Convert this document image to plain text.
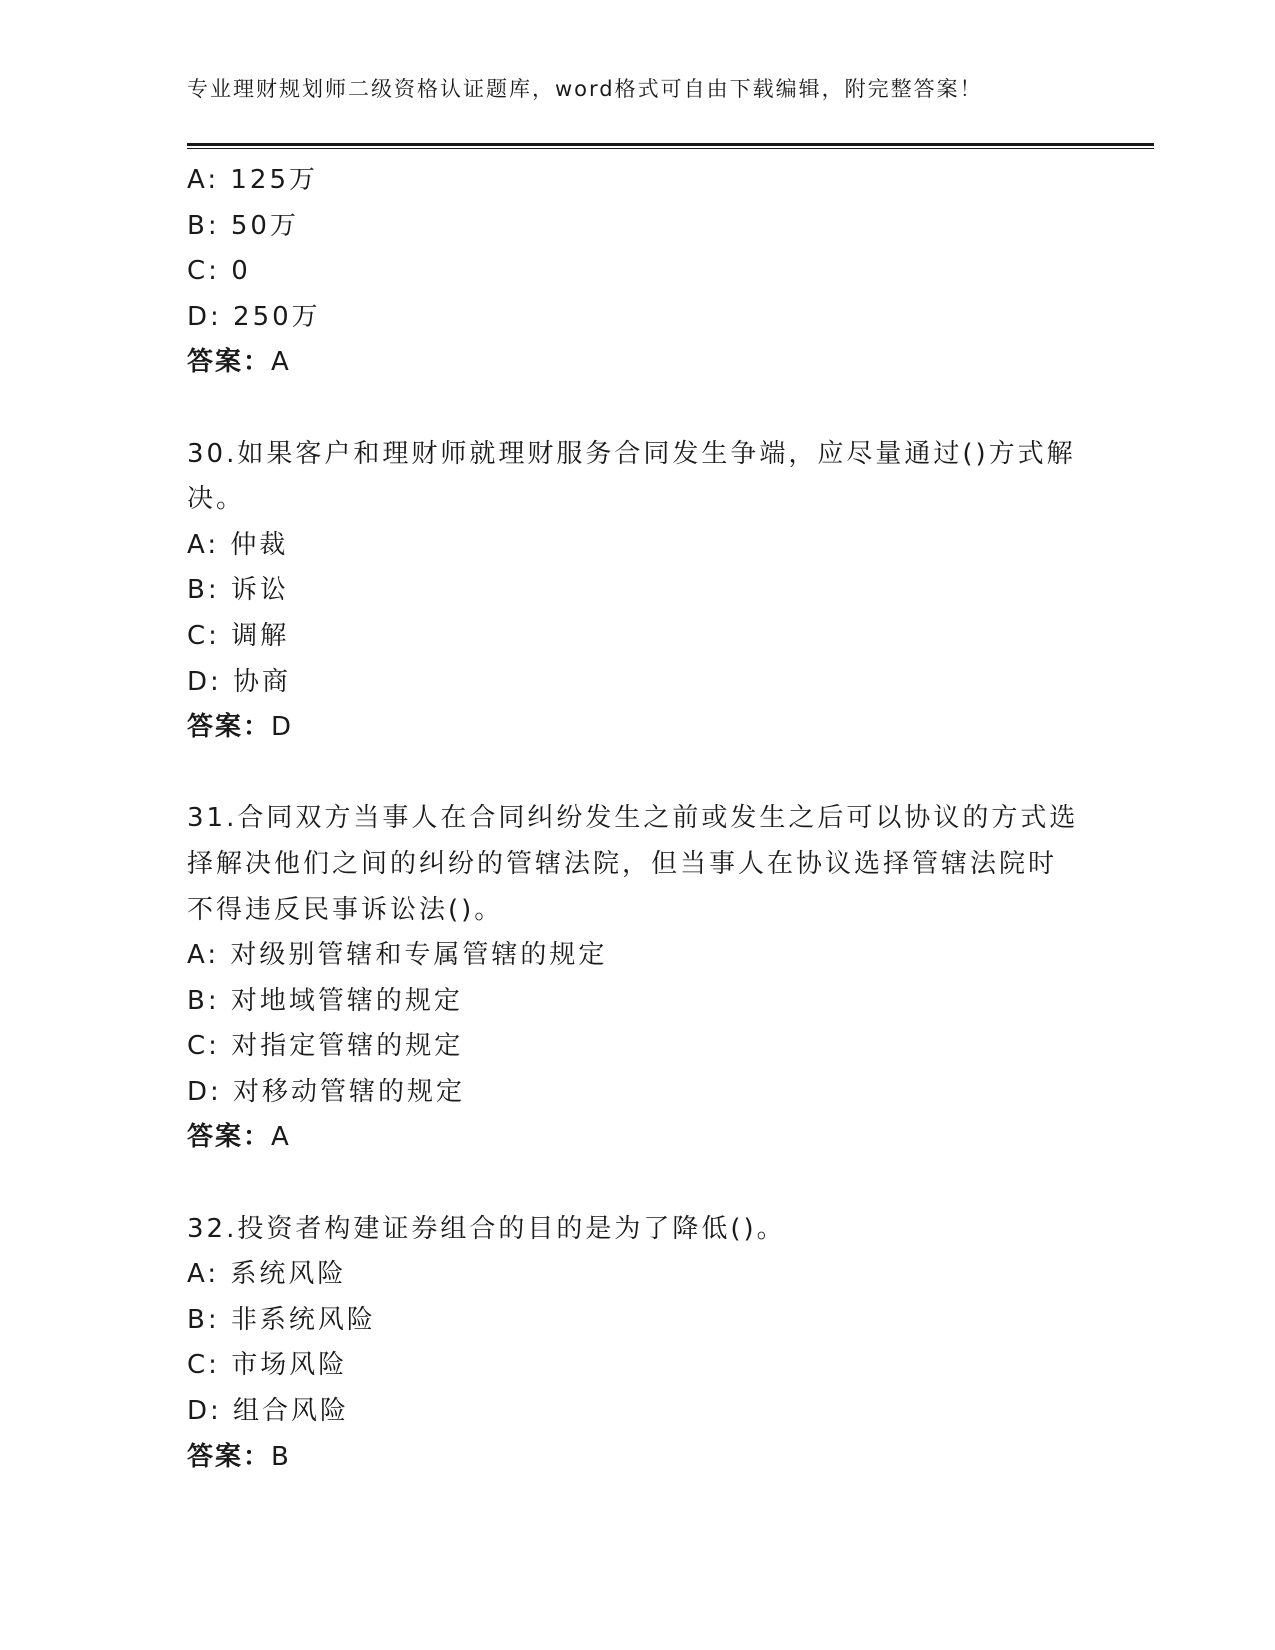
专业理财规划师二级资格认证题库，word格式可自由下载编辑，附完整答案！
A: 125万
B: 50万
C: 0
D: 250万
答案：A
30.如果客户和理财师就理财服务合同发生争端，应尽量通过()方式解
决。
A: 仲裁
B: 诉讼
C: 调解
D: 协商
答案：D
31.合同双方当事人在合同纠纷发生之前或发生之后可以协议的方式选
择解决他们之间的纠纷的管辖法院，但当事人在协议选择管辖法院时
不得违反民事诉讼法()。
A: 对级别管辖和专属管辖的规定
B: 对地域管辖的规定
C: 对指定管辖的规定
D: 对移动管辖的规定
答案：A
32.投资者构建证券组合的目的是为了降低()。
A: 系统风险
B: 非系统风险
C: 市场风险
D: 组合风险
答案：B
